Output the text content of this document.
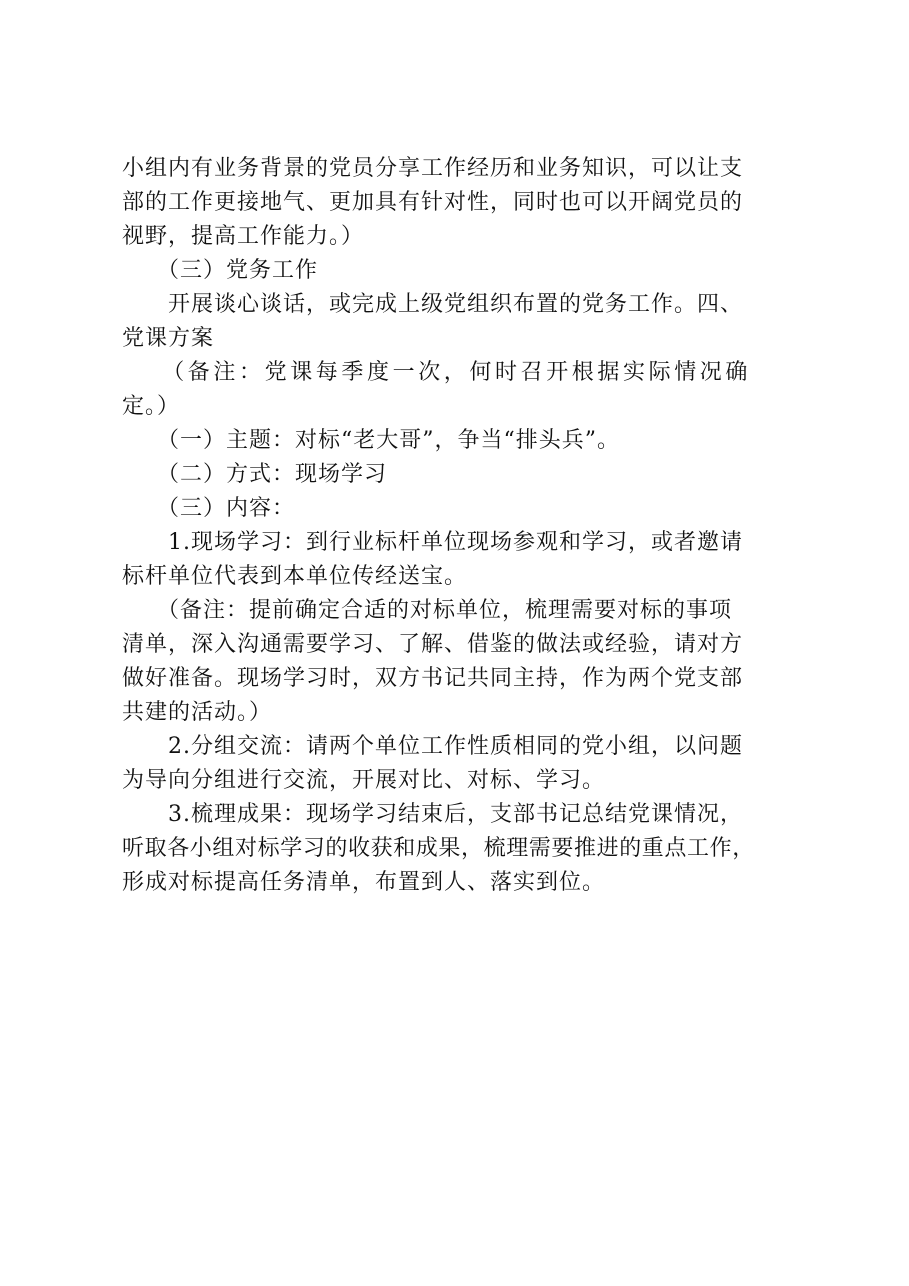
小组内有业务背景的党员分享工作经历和业务知识，可以让支
部的工作更接地气、更加具有针对性，同时也可以开阔党员的
视野，提高工作能力。）
　　（三）党务工作
　　开展谈心谈话，或完成上级党组织布置的党务工作。四、
党课方案
　　（备注：党课每季度一次，何时召开根据实际情况确
定。）
　　（一）主题：对标“老大哥”，争当“排头兵”。
　　（二）方式：现场学习
　　（三）内容：
　　1.现场学习：到行业标杆单位现场参观和学习，或者邀请
标杆单位代表到本单位传经送宝。
　　（备注：提前确定合适的对标单位，梳理需要对标的事项
清单，深入沟通需要学习、了解、借鉴的做法或经验，请对方
做好准备。现场学习时，双方书记共同主持，作为两个党支部
共建的活动。）
　　2.分组交流：请两个单位工作性质相同的党小组，以问题
为导向分组进行交流，开展对比、对标、学习。
　　3.梳理成果：现场学习结束后，支部书记总结党课情况，
听取各小组对标学习的收获和成果，梳理需要推进的重点工作，
形成对标提高任务清单，布置到人、落实到位。
